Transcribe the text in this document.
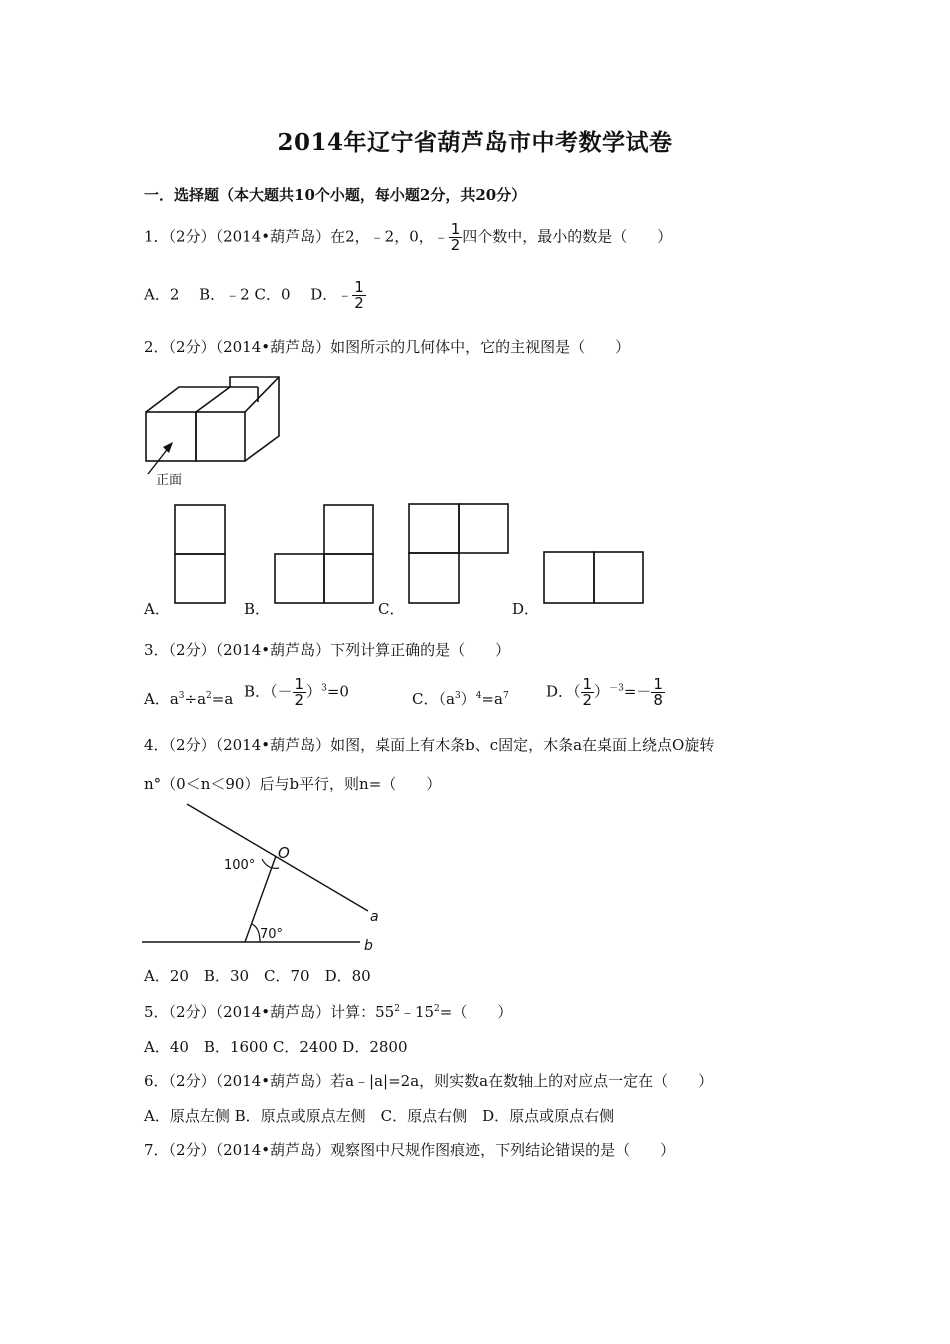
2014年辽宁省葫芦岛市中考数学试卷
一．选择题（本大题共10个小题，每小题2分，共20分）
1．（2分）（2014•葫芦岛）在2，﹣2，0，﹣ $\frac{1}{2}$ 四个数中，最小的数是（　　）
A．2　 B．﹣2 C．0　 D．﹣ $\frac{1}{2}$
2．（2分）（2014•葫芦岛）如图所示的几何体中，它的主视图是（　　）
正面
A．	B．	C．	D．
3．（2分）（2014•葫芦岛）下列计算正确的是（　　）
A．$a^3\div a^2=a$ B．（－ $\frac{1}{2} )^3=0$	C．$(a^3)^4=a^7$ D．（ $\frac{1}{2} )^{-3}=- \frac{1}{8}$
4．（2分）（2014•葫芦岛）如图，桌面上有木条b、c固定，木条a在桌面上绕点O旋转
n°（0＜n＜90）后与b平行，则n=（　　）
100°
O
70°
a
b
A．20　B．30　C．70　D．80
5．（2分）（2014•葫芦岛）计算：$55^2﹣15^2=$（　　）
A．40　B．1600 C．2400 D．2800
6．（2分）（2014•葫芦岛）若a﹣|a|=2a，则实数a在数轴上的对应点一定在（　　）
A．原点左侧 B．原点或原点左侧　C．原点右侧　D．原点或原点右侧
7．（2分）（2014•葫芦岛）观察图中尺规作图痕迹，下列结论错误的是（　　）
